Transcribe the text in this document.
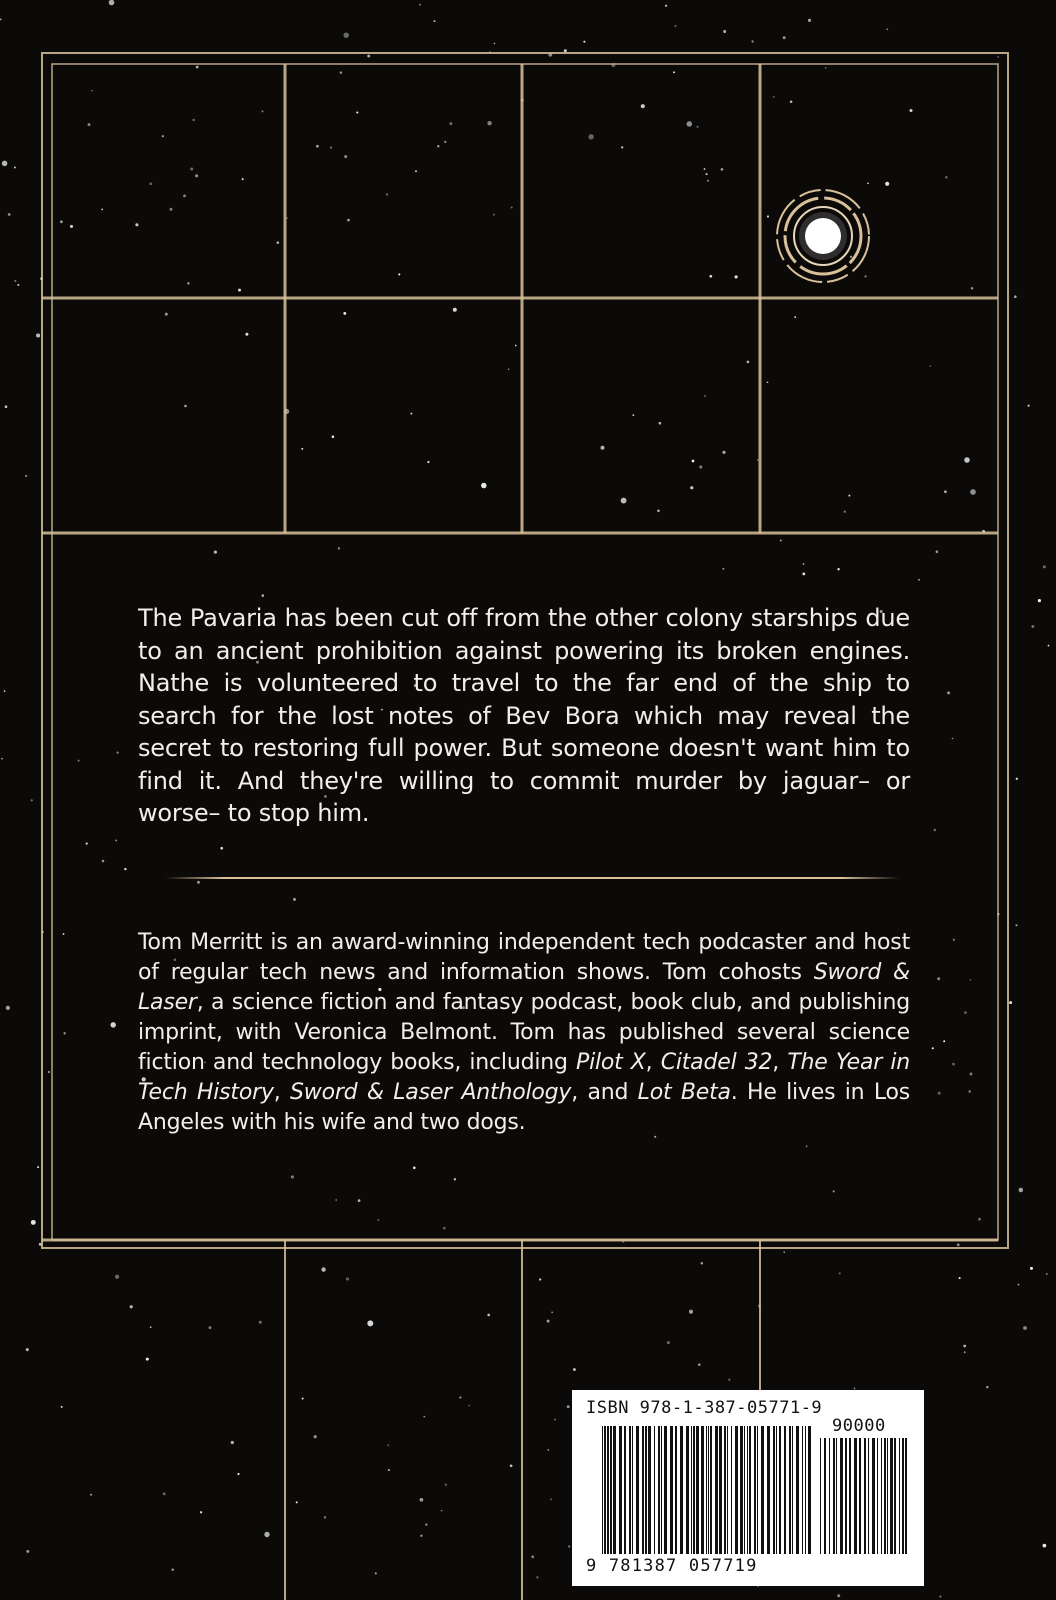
The Pavaria has been cut off from the other colony starships due to an ancient prohibition against powering its broken engines. Nathe is volunteered to travel to the far end of the ship to search for the lost notes of Bev Bora which may reveal the secret to restoring full power. But someone doesn't want him to find it. And they're willing to commit murder by jaguar– or worse– to stop him.
Tom Merritt is an award-winning independent tech podcaster and host of regular tech news and information shows. Tom cohosts Sword & Laser, a science fiction and fantasy podcast, book club, and publishing imprint, with Veronica Belmont. Tom has published several science fiction and technology books, including Pilot X, Citadel 32, The Year in Tech History, Sword & Laser Anthology, and Lot Beta. He lives in Los Angeles with his wife and two dogs.
ISBN 978-1-387-05771-9
90000
9 781387 057719
